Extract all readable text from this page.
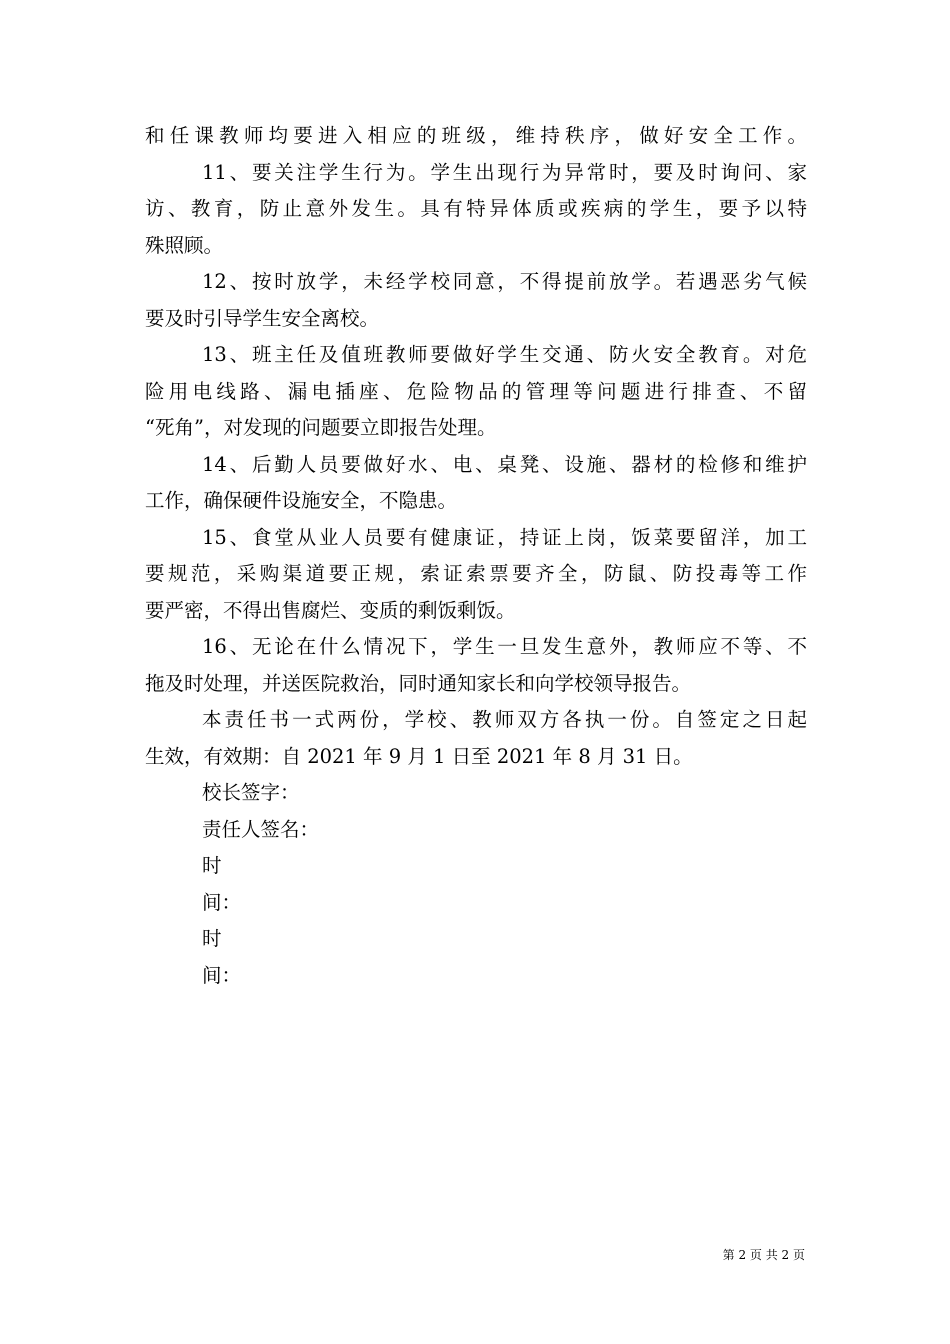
和任课教师均要进入相应的班级，维持秩序，做好安全工作。
11、要关注学生行为。学生出现行为异常时，要及时询问、家
访、教育，防止意外发生。具有特异体质或疾病的学生，要予以特
殊照顾。
12、按时放学，未经学校同意，不得提前放学。若遇恶劣气候
要及时引导学生安全离校。
13、班主任及值班教师要做好学生交通、防火安全教育。对危
险用电线路、漏电插座、危险物品的管理等问题进行排查、不留
“死角”，对发现的问题要立即报告处理。
14、后勤人员要做好水、电、桌凳、设施、器材的检修和维护
工作，确保硬件设施安全，不隐患。
15、食堂从业人员要有健康证，持证上岗，饭菜要留洋，加工
要规范，采购渠道要正规，索证索票要齐全，防鼠、防投毒等工作
要严密，不得出售腐烂、变质的剩饭剩饭。
16、无论在什么情况下，学生一旦发生意外，教师应不等、不
拖及时处理，并送医院救治，同时通知家长和向学校领导报告。
本责任书一式两份，学校、教师双方各执一份。自签定之日起
生效，有效期：自 2021 年 9 月 1 日至 2021 年 8 月 31 日。
校长签字：
责任人签名：
时
间：
时
间：
第 2 页 共 2 页
